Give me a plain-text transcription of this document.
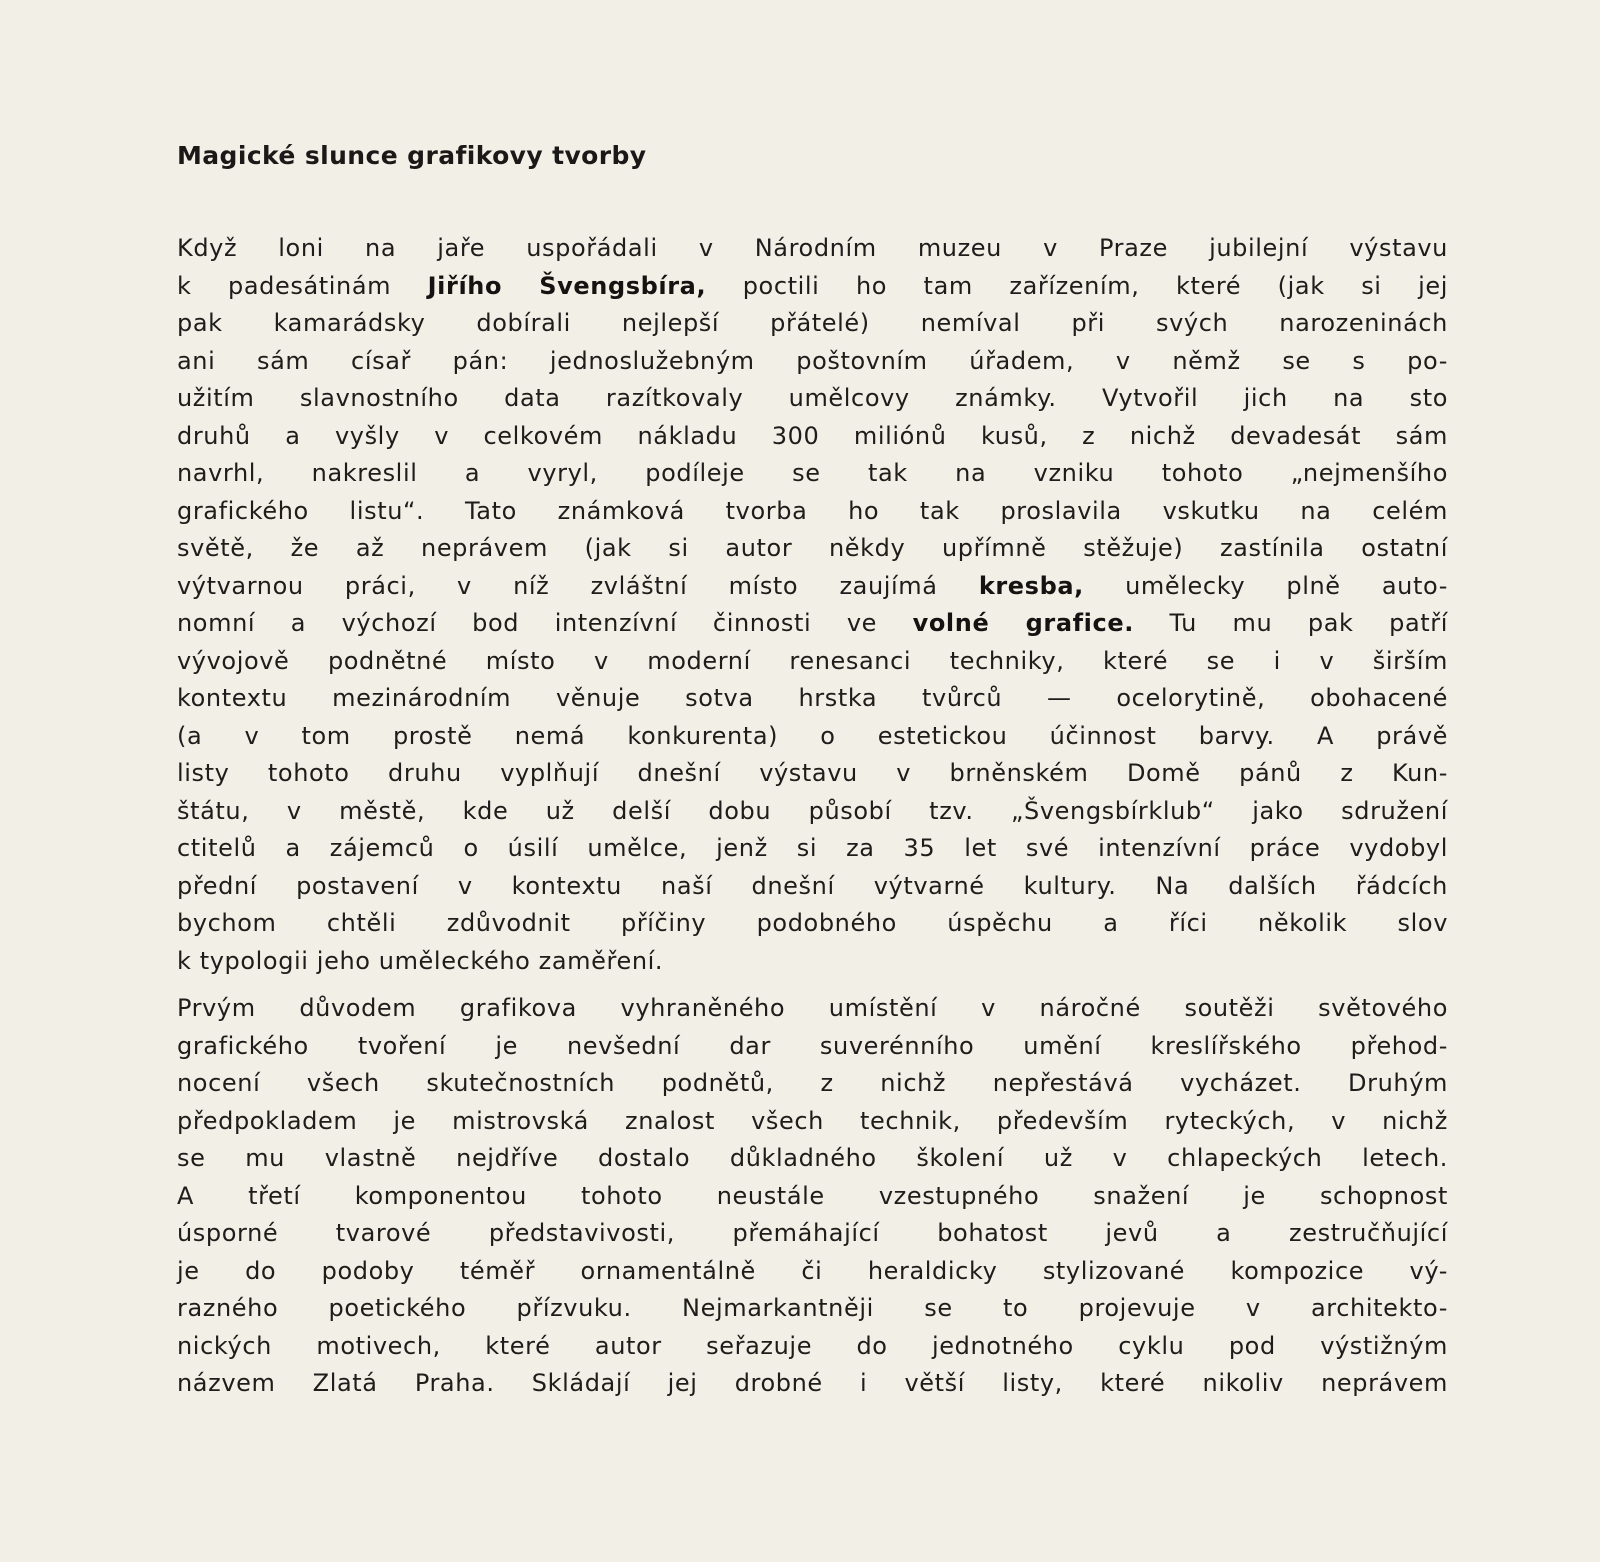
Magické slunce grafikovy tvorby
Když loni na jaře uspořádali v Národním muzeu v Praze jubilejní výstavu
k padesátinám Jiřího Švengsbíra, poctili ho tam zařízením, které (jak si jej
pak kamarádsky dobírali nejlepší přátelé) nemíval při svých narozeninách
ani sám císař pán: jednoslužebným poštovním úřadem, v němž se s po-
užitím slavnostního data razítkovaly umělcovy známky. Vytvořil jich na sto
druhů a vyšly v celkovém nákladu 300 miliónů kusů, z nichž devadesát sám
navrhl, nakreslil a vyryl, podíleje se tak na vzniku tohoto „nejmenšího
grafického listu“. Tato známková tvorba ho tak proslavila vskutku na celém
světě, že až neprávem (jak si autor někdy upřímně stěžuje) zastínila ostatní
výtvarnou práci, v níž zvláštní místo zaujímá kresba, umělecky plně auto-
nomní a výchozí bod intenzívní činnosti ve volné grafice. Tu mu pak patří
vývojově podnětné místo v moderní renesanci techniky, které se i v širším
kontextu mezinárodním věnuje sotva hrstka tvůrců — ocelorytině, obohacené
(a v tom prostě nemá konkurenta) o estetickou účinnost barvy. A právě
listy tohoto druhu vyplňují dnešní výstavu v brněnském Domě pánů z Kun-
štátu, v městě, kde už delší dobu působí tzv. „Švengsbírklub“ jako sdružení
ctitelů a zájemců o úsilí umělce, jenž si za 35 let své intenzívní práce vydobyl
přední postavení v kontextu naší dnešní výtvarné kultury. Na dalších řádcích
bychom chtěli zdůvodnit příčiny podobného úspěchu a říci několik slov
k typologii jeho uměleckého zaměření.
Prvým důvodem grafikova vyhraněného umístění v náročné soutěži světového
grafického tvoření je nevšední dar suverénního umění kreslířského přehod-
nocení všech skutečnostních podnětů, z nichž nepřestává vycházet. Druhým
předpokladem je mistrovská znalost všech technik, především ryteckých, v nichž
se mu vlastně nejdříve dostalo důkladného školení už v chlapeckých letech.
A třetí komponentou tohoto neustále vzestupného snažení je schopnost
úsporné tvarové představivosti, přemáhající bohatost jevů a zestručňující
je do podoby téměř ornamentálně či heraldicky stylizované kompozice vý-
razného poetického přízvuku. Nejmarkantněji se to projevuje v architekto-
nických motivech, které autor seřazuje do jednotného cyklu pod výstižným
názvem Zlatá Praha. Skládají jej drobné i větší listy, které nikoliv neprávem
